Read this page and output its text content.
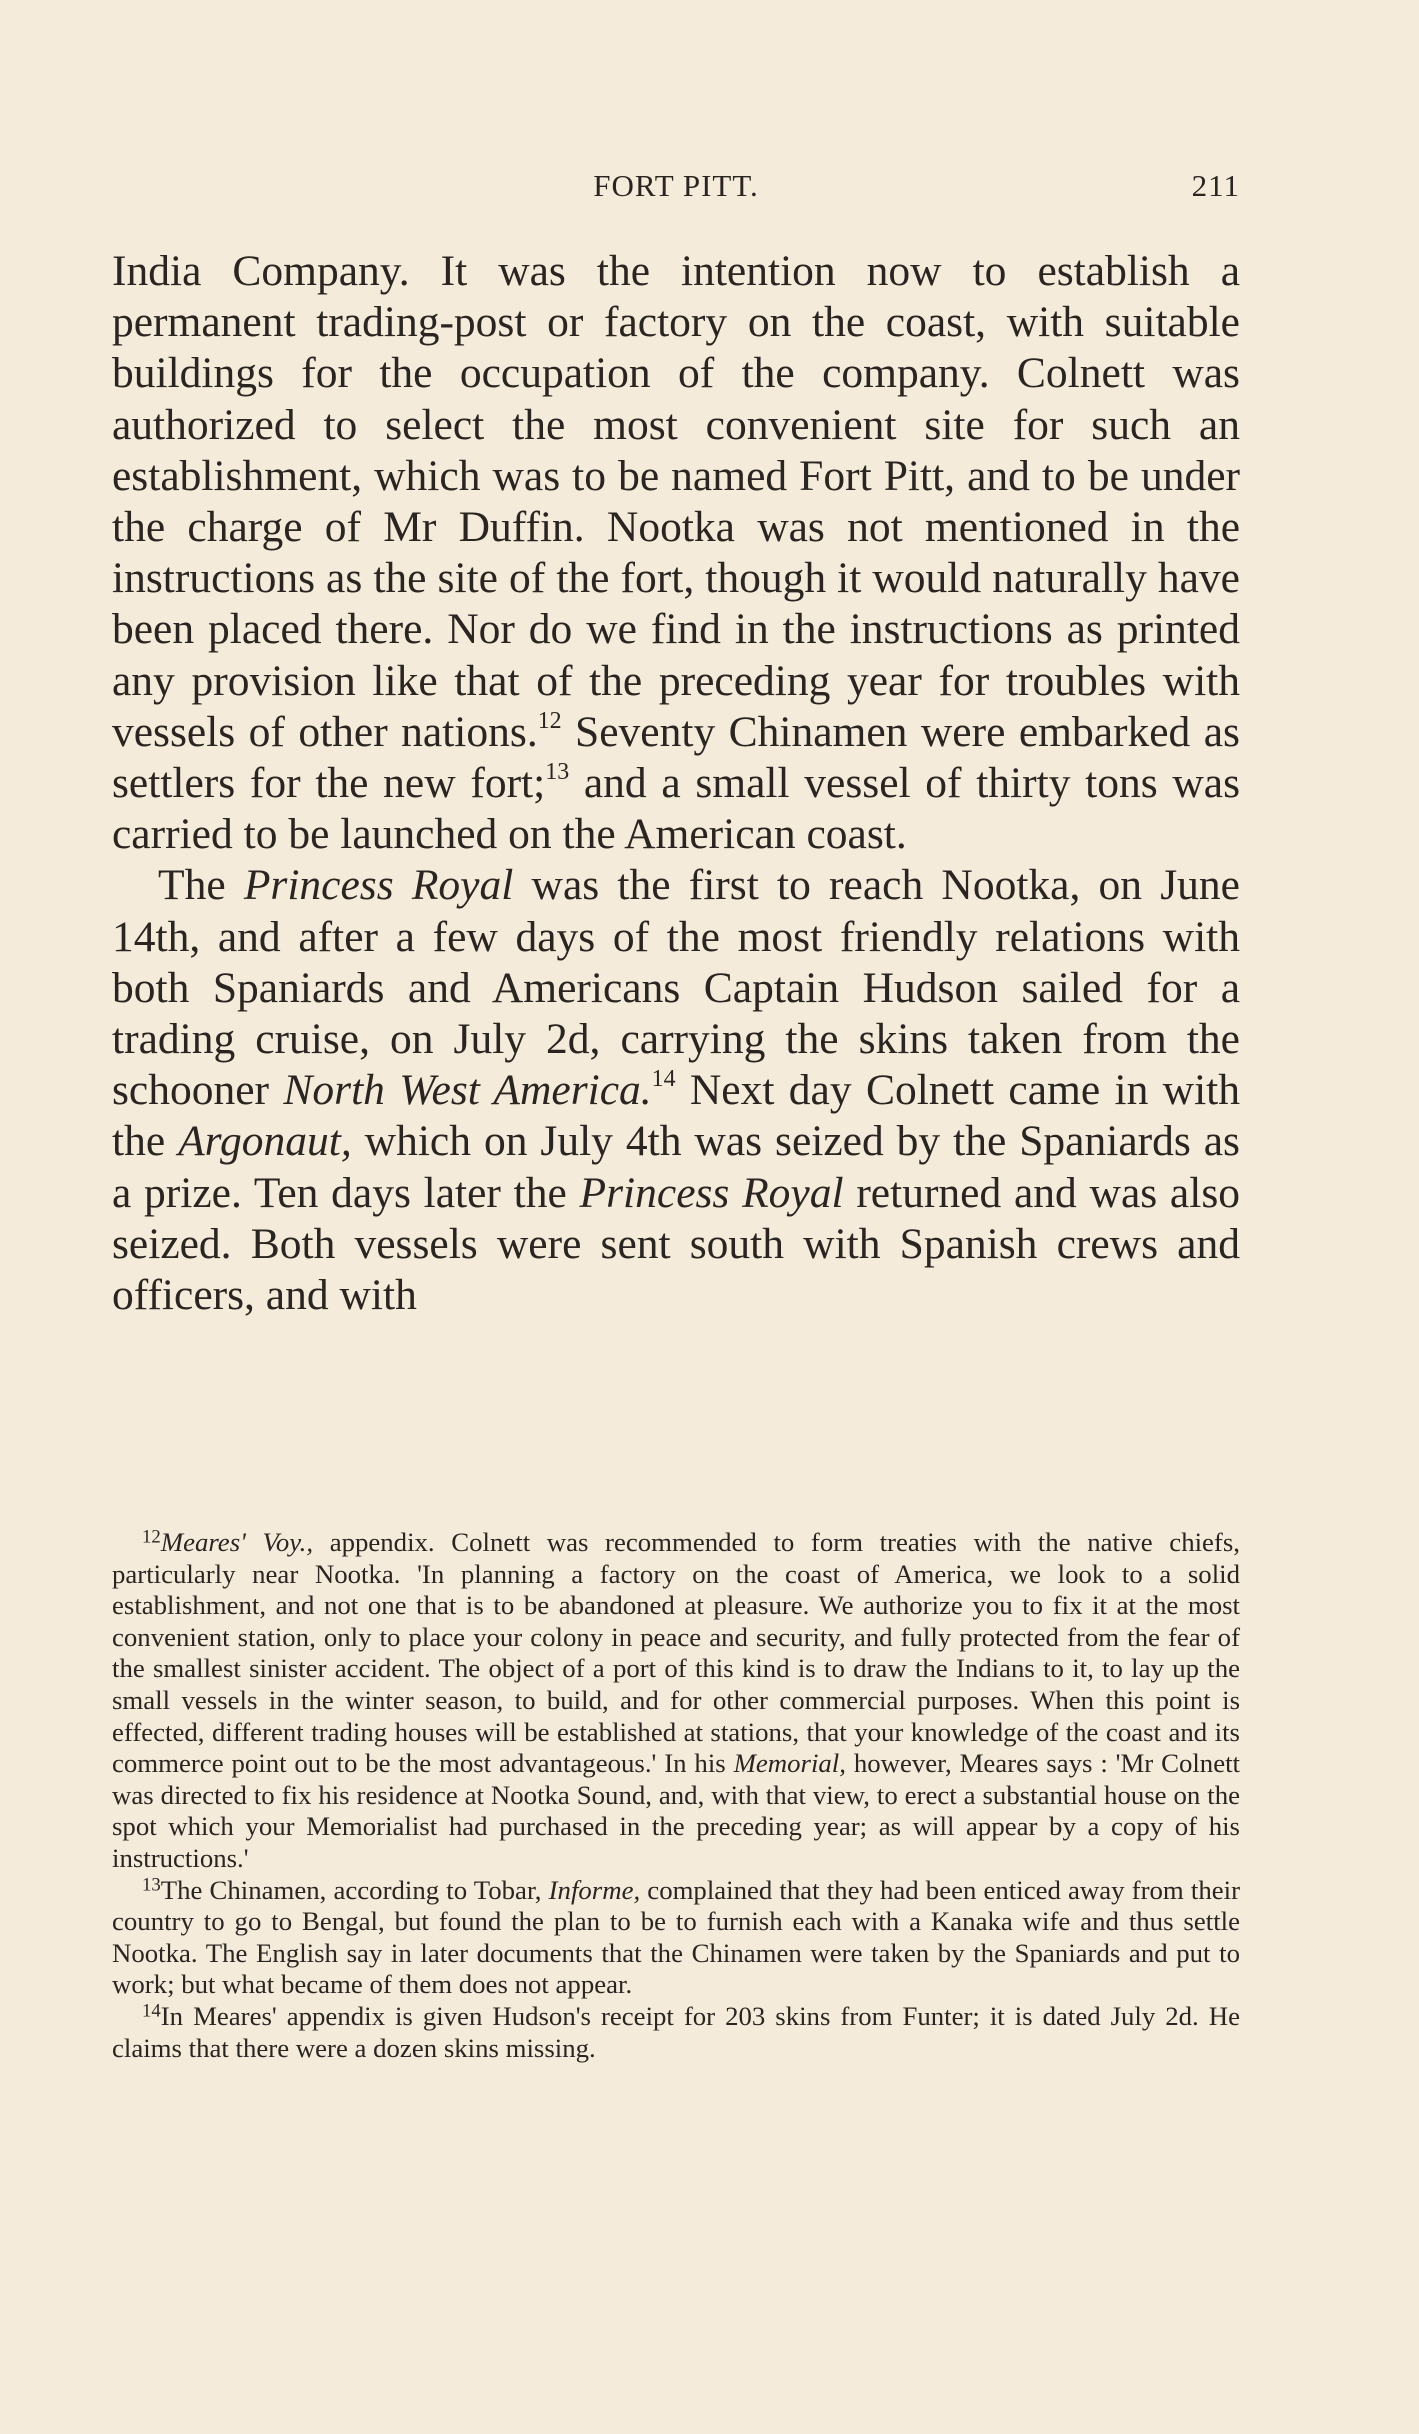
FORT PITT.	211

India Company. It was the intention now to establish a permanent trading-post or factory on the coast, with suitable buildings for the occupation of the company. Colnett was authorized to select the most convenient site for such an establishment, which was to be named Fort Pitt, and to be under the charge of Mr Duffin. Nootka was not mentioned in the instructions as the site of the fort, though it would naturally have been placed there. Nor do we find in the instructions as printed any provision like that of the preceding year for troubles with vessels of other nations.$^{12}$ Seventy Chinamen were embarked as settlers for the new fort;$^{13}$ and a small vessel of thirty tons was carried to be launched on the American coast.

The Princess Royal was the first to reach Nootka, on June 14th, and after a few days of the most friendly relations with both Spaniards and Americans Captain Hudson sailed for a trading cruise, on July 2d, carrying the skins taken from the schooner North West America.$^{14}$ Next day Colnett came in with the Argonaut, which on July 4th was seized by the Spaniards as a prize. Ten days later the Princess Royal returned and was also seized. Both vessels were sent south with Spanish crews and officers, and with

$^{12}$Meares' Voy., appendix. Colnett was recommended to form treaties with the native chiefs, particularly near Nootka. 'In planning a factory on the coast of America, we look to a solid establishment, and not one that is to be abandoned at pleasure. We authorize you to fix it at the most convenient station, only to place your colony in peace and security, and fully protected from the fear of the smallest sinister accident. The object of a port of this kind is to draw the Indians to it, to lay up the small vessels in the winter season, to build, and for other commercial purposes. When this point is effected, different trading houses will be established at stations, that your knowledge of the coast and its commerce point out to be the most advantageous.' In his Memorial, however, Meares says : 'Mr Colnett was directed to fix his residence at Nootka Sound, and, with that view, to erect a substantial house on the spot which your Memorialist had purchased in the preceding year; as will appear by a copy of his instructions.'

$^{13}$The Chinamen, according to Tobar, Informe, complained that they had been enticed away from their country to go to Bengal, but found the plan to be to furnish each with a Kanaka wife and thus settle Nootka. The English say in later documents that the Chinamen were taken by the Spaniards and put to work; but what became of them does not appear.

$^{14}$In Meares' appendix is given Hudson's receipt for 203 skins from Funter; it is dated July 2d. He claims that there were a dozen skins missing.
